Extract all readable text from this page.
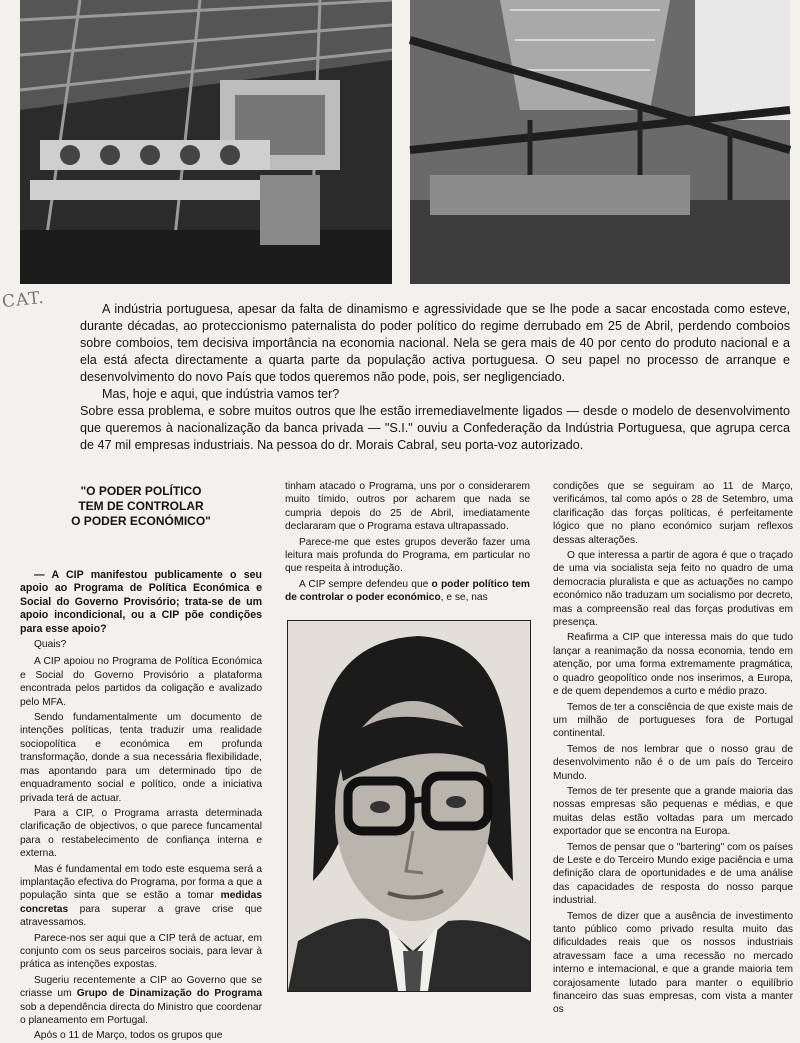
CAT.	A indústria portuguesa, apesar da falta de dinamismo e agressividade que se lhe pode a sacar encostada como esteve, durante décadas, ao proteccionismo paternalista do poder político do regime derrubado em 25 de Abril, perdendo comboios sobre comboios, tem decisiva importância na economia nacional. Nela se gera mais de 40 por cento do produto nacional e a ela está afecta directamente a quarta parte da população activa portuguesa. O seu papel no processo de arranque e desenvolvimento do novo País que todos queremos não pode, pois, ser negligenciado.

Mas, hoje e aqui, que indústria vamos ter?

Sobre essa problema, e sobre muitos outros que lhe estão irremediavelmente ligados — desde o modelo de desenvolvimento que queremos à nacionalização da banca privada — "S.I." ouviu a Confederação da Indústria Portuguesa, que agrupa cerca de 47 mil empresas industriais. Na pessoa do dr. Morais Cabral, seu porta-voz autorizado.

"O PODER POLÍTICO
TEM DE CONTROLAR
O PODER ECONÓMICO"

— A CIP manifestou publicamente o seu apoio ao Programa de Política Económica e Social do Governo Provisório; trata-se de um apoio incondicional, ou a CIP põe condições para esse apoio?

Quais?

A CIP apoiou no Programa de Política Económica e Social do Governo Provisório a plataforma encontrada pelos partidos da coligação e avalizado pelo MFA.

Sendo fundamentalmente um documento de intenções políticas, tenta traduzir uma realidade sociopolítica e económica em profunda transformação, donde a sua necessária flexibilidade, mas apontando para um determinado tipo de enquadramento social e político, onde a iniciativa privada terá de actuar.

Para a CIP, o Programa arrasta determinada clarificação de objectivos, o que parece funcamental para o restabelecimento de confiança interna e externa.

Mas é fundamental em todo este esquema será a implantação efectiva do Programa, por forma a que a população sinta que se estão a tomar medidas concretas para superar a grave crise que atravessamos.

Parece-nos ser aqui que a CIP terá de actuar, em conjunto com os seus parceiros sociais, para levar à prática as intenções expostas.

Sugeriu recentemente a CIP ao Governo que se criasse um Grupo de Dinamização do Programa sob a dependência directa do Ministro que coordenar o planeamento em Portugal.

Após o 11 de Março, todos os grupos que

tinham atacado o Programa, uns por o considerarem muito tímido, outros por acharem que nada se cumpria depois do 25 de Abril, imediatamente declararam que o Programa estava ultrapassado.

Parece-me que estes grupos deverão fazer uma leitura mais profunda do Programa, em particular no que respeita à introdução.

A CIP sempre defendeu que o poder político tem de controlar o poder económico, e se, nas

condições que se seguiram ao 11 de Março, verificámos, tal como após o 28 de Setembro, uma clarificação das forças políticas, é perfeitamente lógico que no plano económico surjam reflexos dessas alterações.

O que interessa a partir de agora é que o traçado de uma via socialista seja feito no quadro de uma democracia pluralista e que as actuações no campo económico não traduzam um socialismo por decreto, mas a compreensão real das forças produtivas em presença.

Reafirma a CIP que interessa mais do que tudo lançar a reanimação da nossa economia, tendo em atenção, por uma forma extremamente pragmática, o quadro geopolítico onde nos inserimos, a Europa, e de quem dependemos a curto e médio prazo.

Temos de ter a consciência de que existe mais de um milhão de portugueses fora de Portugal continental.

Temos de nos lembrar que o nosso grau de desenvolvimento não é o de um país do Terceiro Mundo.

Temos de ter presente que a grande maioria das nossas empresas são pequenas e médias, e que muitas delas estão voltadas para um mercado exportador que se encontra na Europa.

Temos de pensar que o "bartering" com os países de Leste e do Terceiro Mundo exige paciência e uma definição clara de oportunidades e de uma análise das capacidades de resposta do nosso parque industrial.

Temos de dizer que a ausência de investimento tanto público como privado resulta muito das dificuldades reais que os nossos industriais atravessam face a uma recessão no mercado interno e internacional, e que a grande maioria tem corajosamente lutado para manter o equilíbrio financeiro das suas empresas, com vista a manter os
